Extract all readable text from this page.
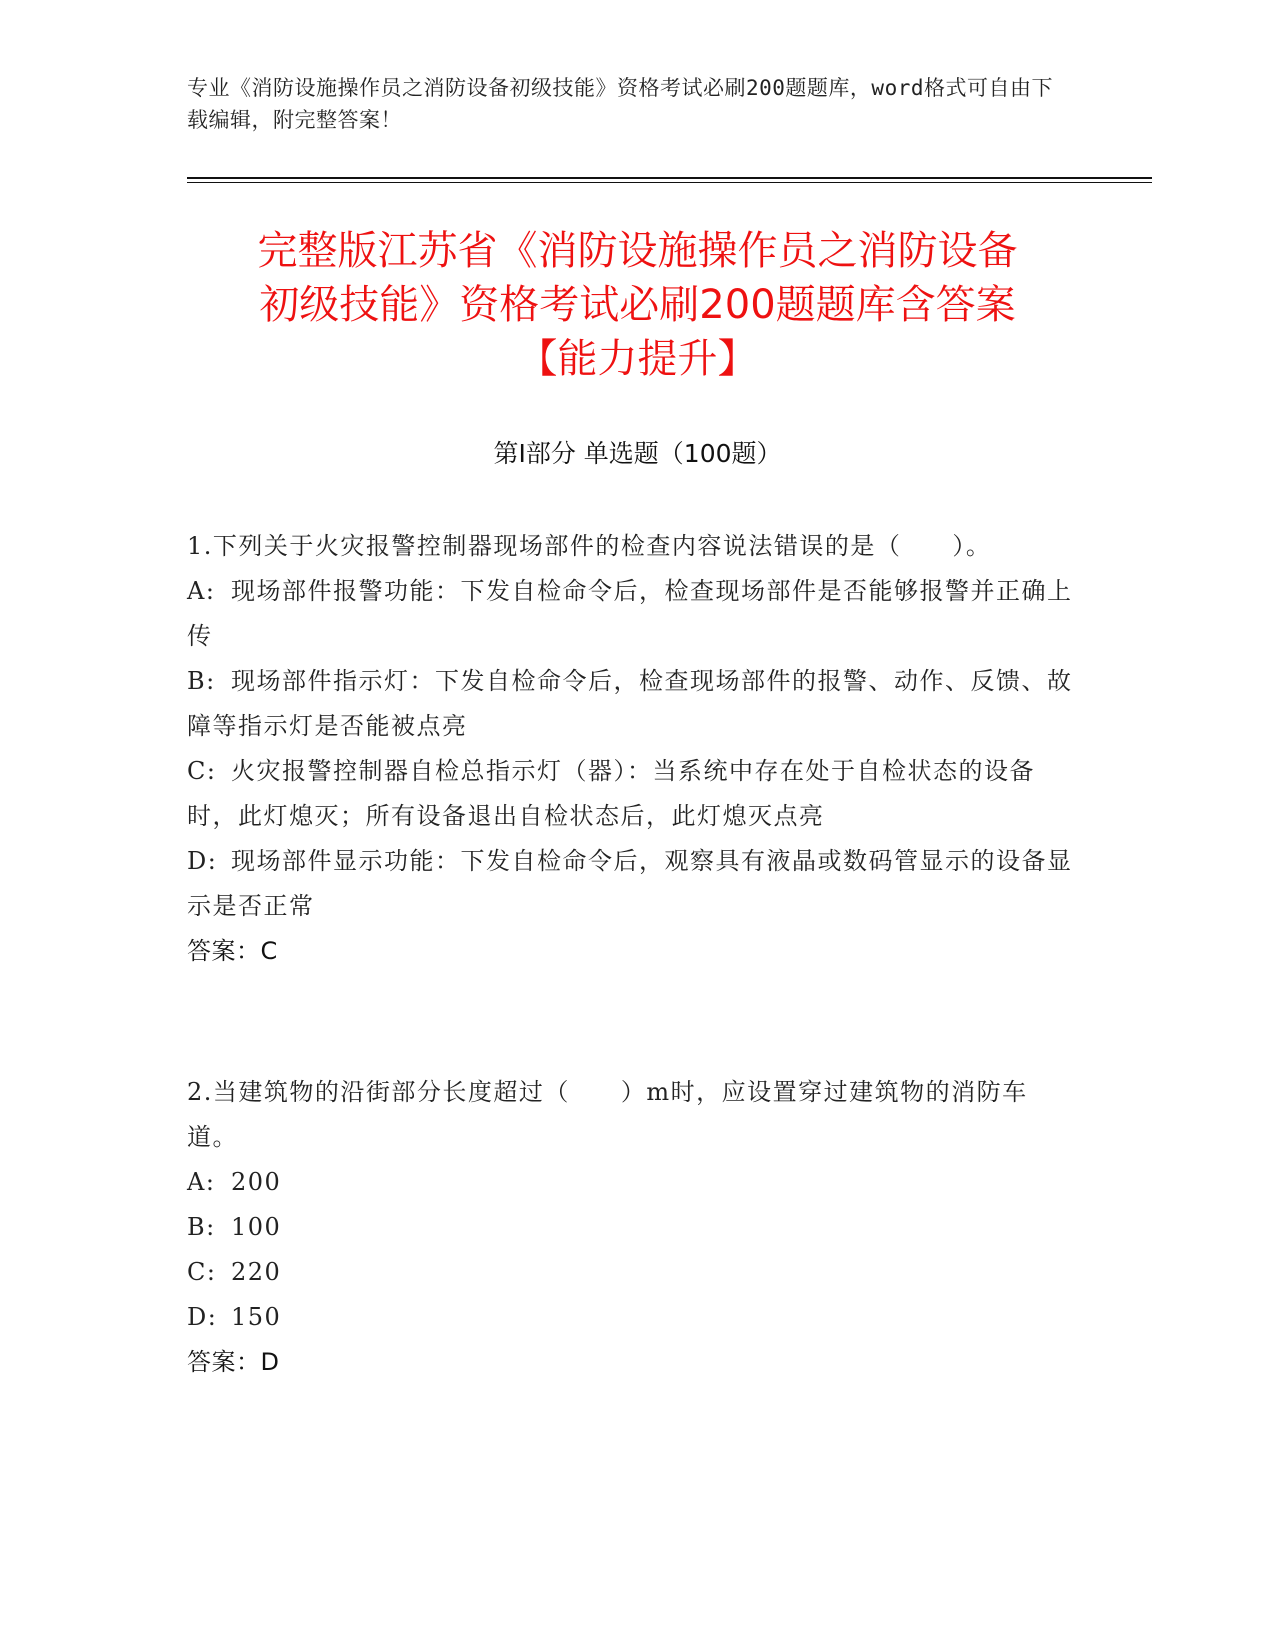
专业《消防设施操作员之消防设备初级技能》资格考试必刷200题题库，word格式可自由下载编辑，附完整答案！
完整版江苏省《消防设施操作员之消防设备
初级技能》资格考试必刷200题题库含答案
【能力提升】
第Ⅰ部分 单选题（100题）
1.下列关于火灾报警控制器现场部件的检查内容说法错误的是（　　）。
A: 现场部件报警功能：下发自检命令后，检查现场部件是否能够报警并正确上传
B: 现场部件指示灯：下发自检命令后，检查现场部件的报警、动作、反馈、故障等指示灯是否能被点亮
C: 火灾报警控制器自检总指示灯（器）：当系统中存在处于自检状态的设备时，此灯熄灭；所有设备退出自检状态后，此灯熄灭点亮
D: 现场部件显示功能：下发自检命令后，观察具有液晶或数码管显示的设备显示是否正常
答案：C
2.当建筑物的沿街部分长度超过（　　）m时，应设置穿过建筑物的消防车道。
A: 200
B: 100
C: 220
D: 150
答案：D
